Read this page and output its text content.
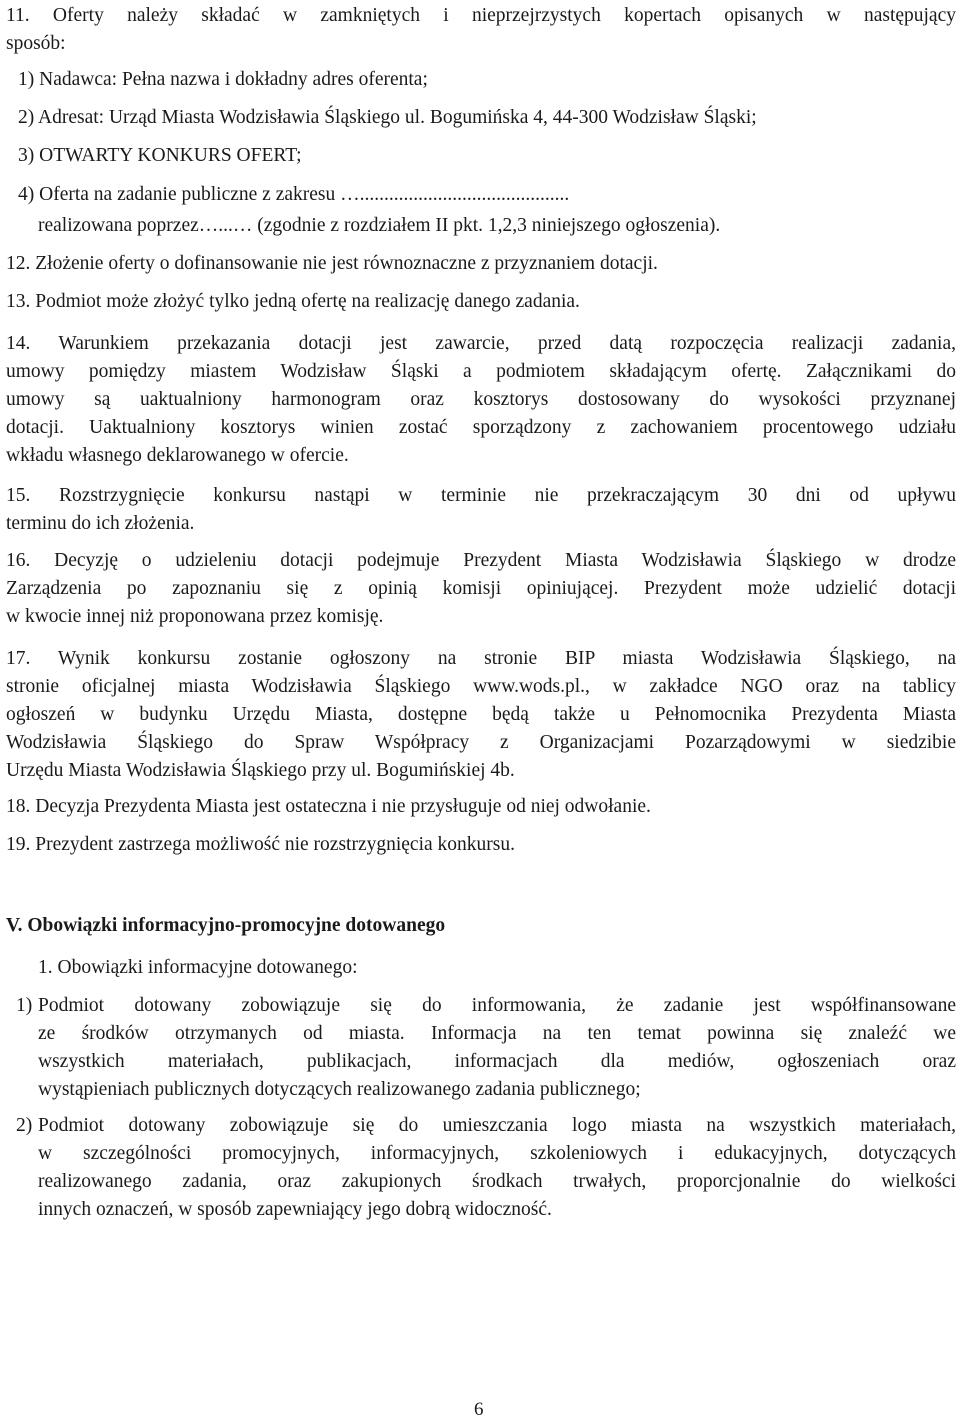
11. Oferty należy składać w zamkniętych i nieprzejrzystych kopertach opisanych w następujący
sposób:
1) Nadawca: Pełna nazwa i dokładny adres oferenta;
2) Adresat: Urząd Miasta Wodzisławia Śląskiego ul. Bogumińska 4, 44-300 Wodzisław Śląski;
3) OTWARTY KONKURS OFERT;
4) Oferta na zadanie publiczne z zakresu …...........................................
realizowana poprzez…...… (zgodnie z rozdziałem II pkt. 1,2,3 niniejszego ogłoszenia).
12. Złożenie oferty o dofinansowanie nie jest równoznaczne z przyznaniem dotacji.
13. Podmiot może złożyć tylko jedną ofertę na realizację danego zadania.
14. Warunkiem przekazania dotacji jest zawarcie, przed datą rozpoczęcia realizacji zadania,
umowy pomiędzy miastem Wodzisław Śląski a podmiotem składającym ofertę. Załącznikami do
umowy są uaktualniony harmonogram oraz kosztorys dostosowany do wysokości przyznanej
dotacji. Uaktualniony kosztorys winien zostać sporządzony z zachowaniem procentowego udziału
wkładu własnego deklarowanego w ofercie.
15. Rozstrzygnięcie konkursu nastąpi w terminie nie przekraczającym 30 dni od upływu
terminu do ich złożenia.
16. Decyzję o udzieleniu dotacji podejmuje Prezydent Miasta Wodzisławia Śląskiego w drodze
Zarządzenia po zapoznaniu się z opinią komisji opiniującej. Prezydent może udzielić dotacji
w kwocie innej niż proponowana przez komisję.
17. Wynik konkursu zostanie ogłoszony na stronie BIP miasta Wodzisławia Śląskiego, na
stronie oficjalnej miasta Wodzisławia Śląskiego www.wods.pl., w zakładce NGO oraz na tablicy
ogłoszeń w budynku Urzędu Miasta, dostępne będą także u Pełnomocnika Prezydenta Miasta
Wodzisławia Śląskiego do Spraw Współpracy z Organizacjami Pozarządowymi w siedzibie
Urzędu Miasta Wodzisławia Śląskiego przy ul. Bogumińskiej 4b.
18. Decyzja Prezydenta Miasta jest ostateczna i nie przysługuje od niej odwołanie.
19. Prezydent zastrzega możliwość nie rozstrzygnięcia konkursu.
V. Obowiązki informacyjno-promocyjne dotowanego
1. Obowiązki informacyjne dotowanego:
1) Podmiot dotowany zobowiązuje się do informowania, że zadanie jest współfinansowane
ze środków otrzymanych od miasta. Informacja na ten temat powinna się znaleźć we
wszystkich materiałach, publikacjach, informacjach dla mediów, ogłoszeniach oraz
wystąpieniach publicznych dotyczących realizowanego zadania publicznego;
2) Podmiot dotowany zobowiązuje się do umieszczania logo miasta na wszystkich materiałach,
w szczególności promocyjnych, informacyjnych, szkoleniowych i edukacyjnych, dotyczących
realizowanego zadania, oraz zakupionych środkach trwałych, proporcjonalnie do wielkości
innych oznaczeń, w sposób zapewniający jego dobrą widoczność.
6
